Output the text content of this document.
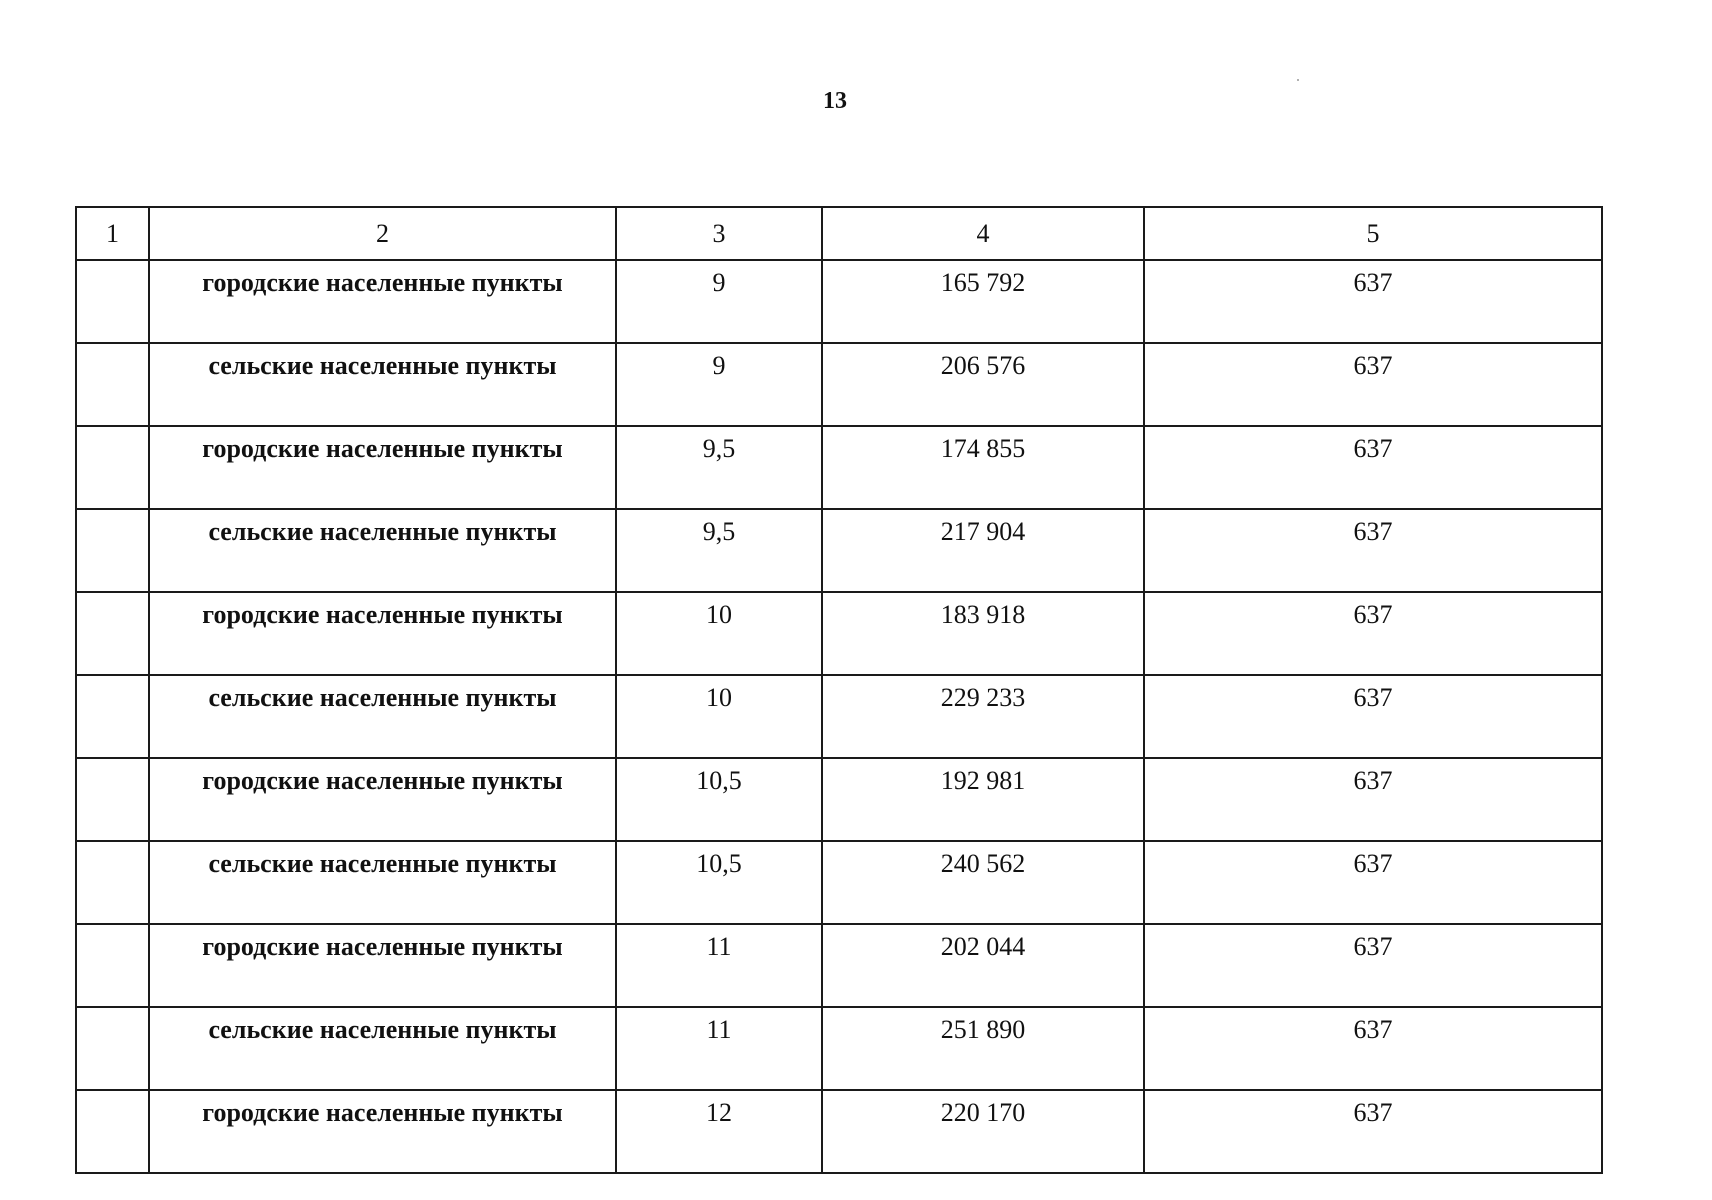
13
1	2	3	4	5
	городские населенные пункты	9	165 792	637
	сельские населенные пункты	9	206 576	637
	городские населенные пункты	9,5	174 855	637
	сельские населенные пункты	9,5	217 904	637
	городские населенные пункты	10	183 918	637
	сельские населенные пункты	10	229 233	637
	городские населенные пункты	10,5	192 981	637
	сельские населенные пункты	10,5	240 562	637
	городские населенные пункты	11	202 044	637
	сельские населенные пункты	11	251 890	637
	городские населенные пункты	12	220 170	637
